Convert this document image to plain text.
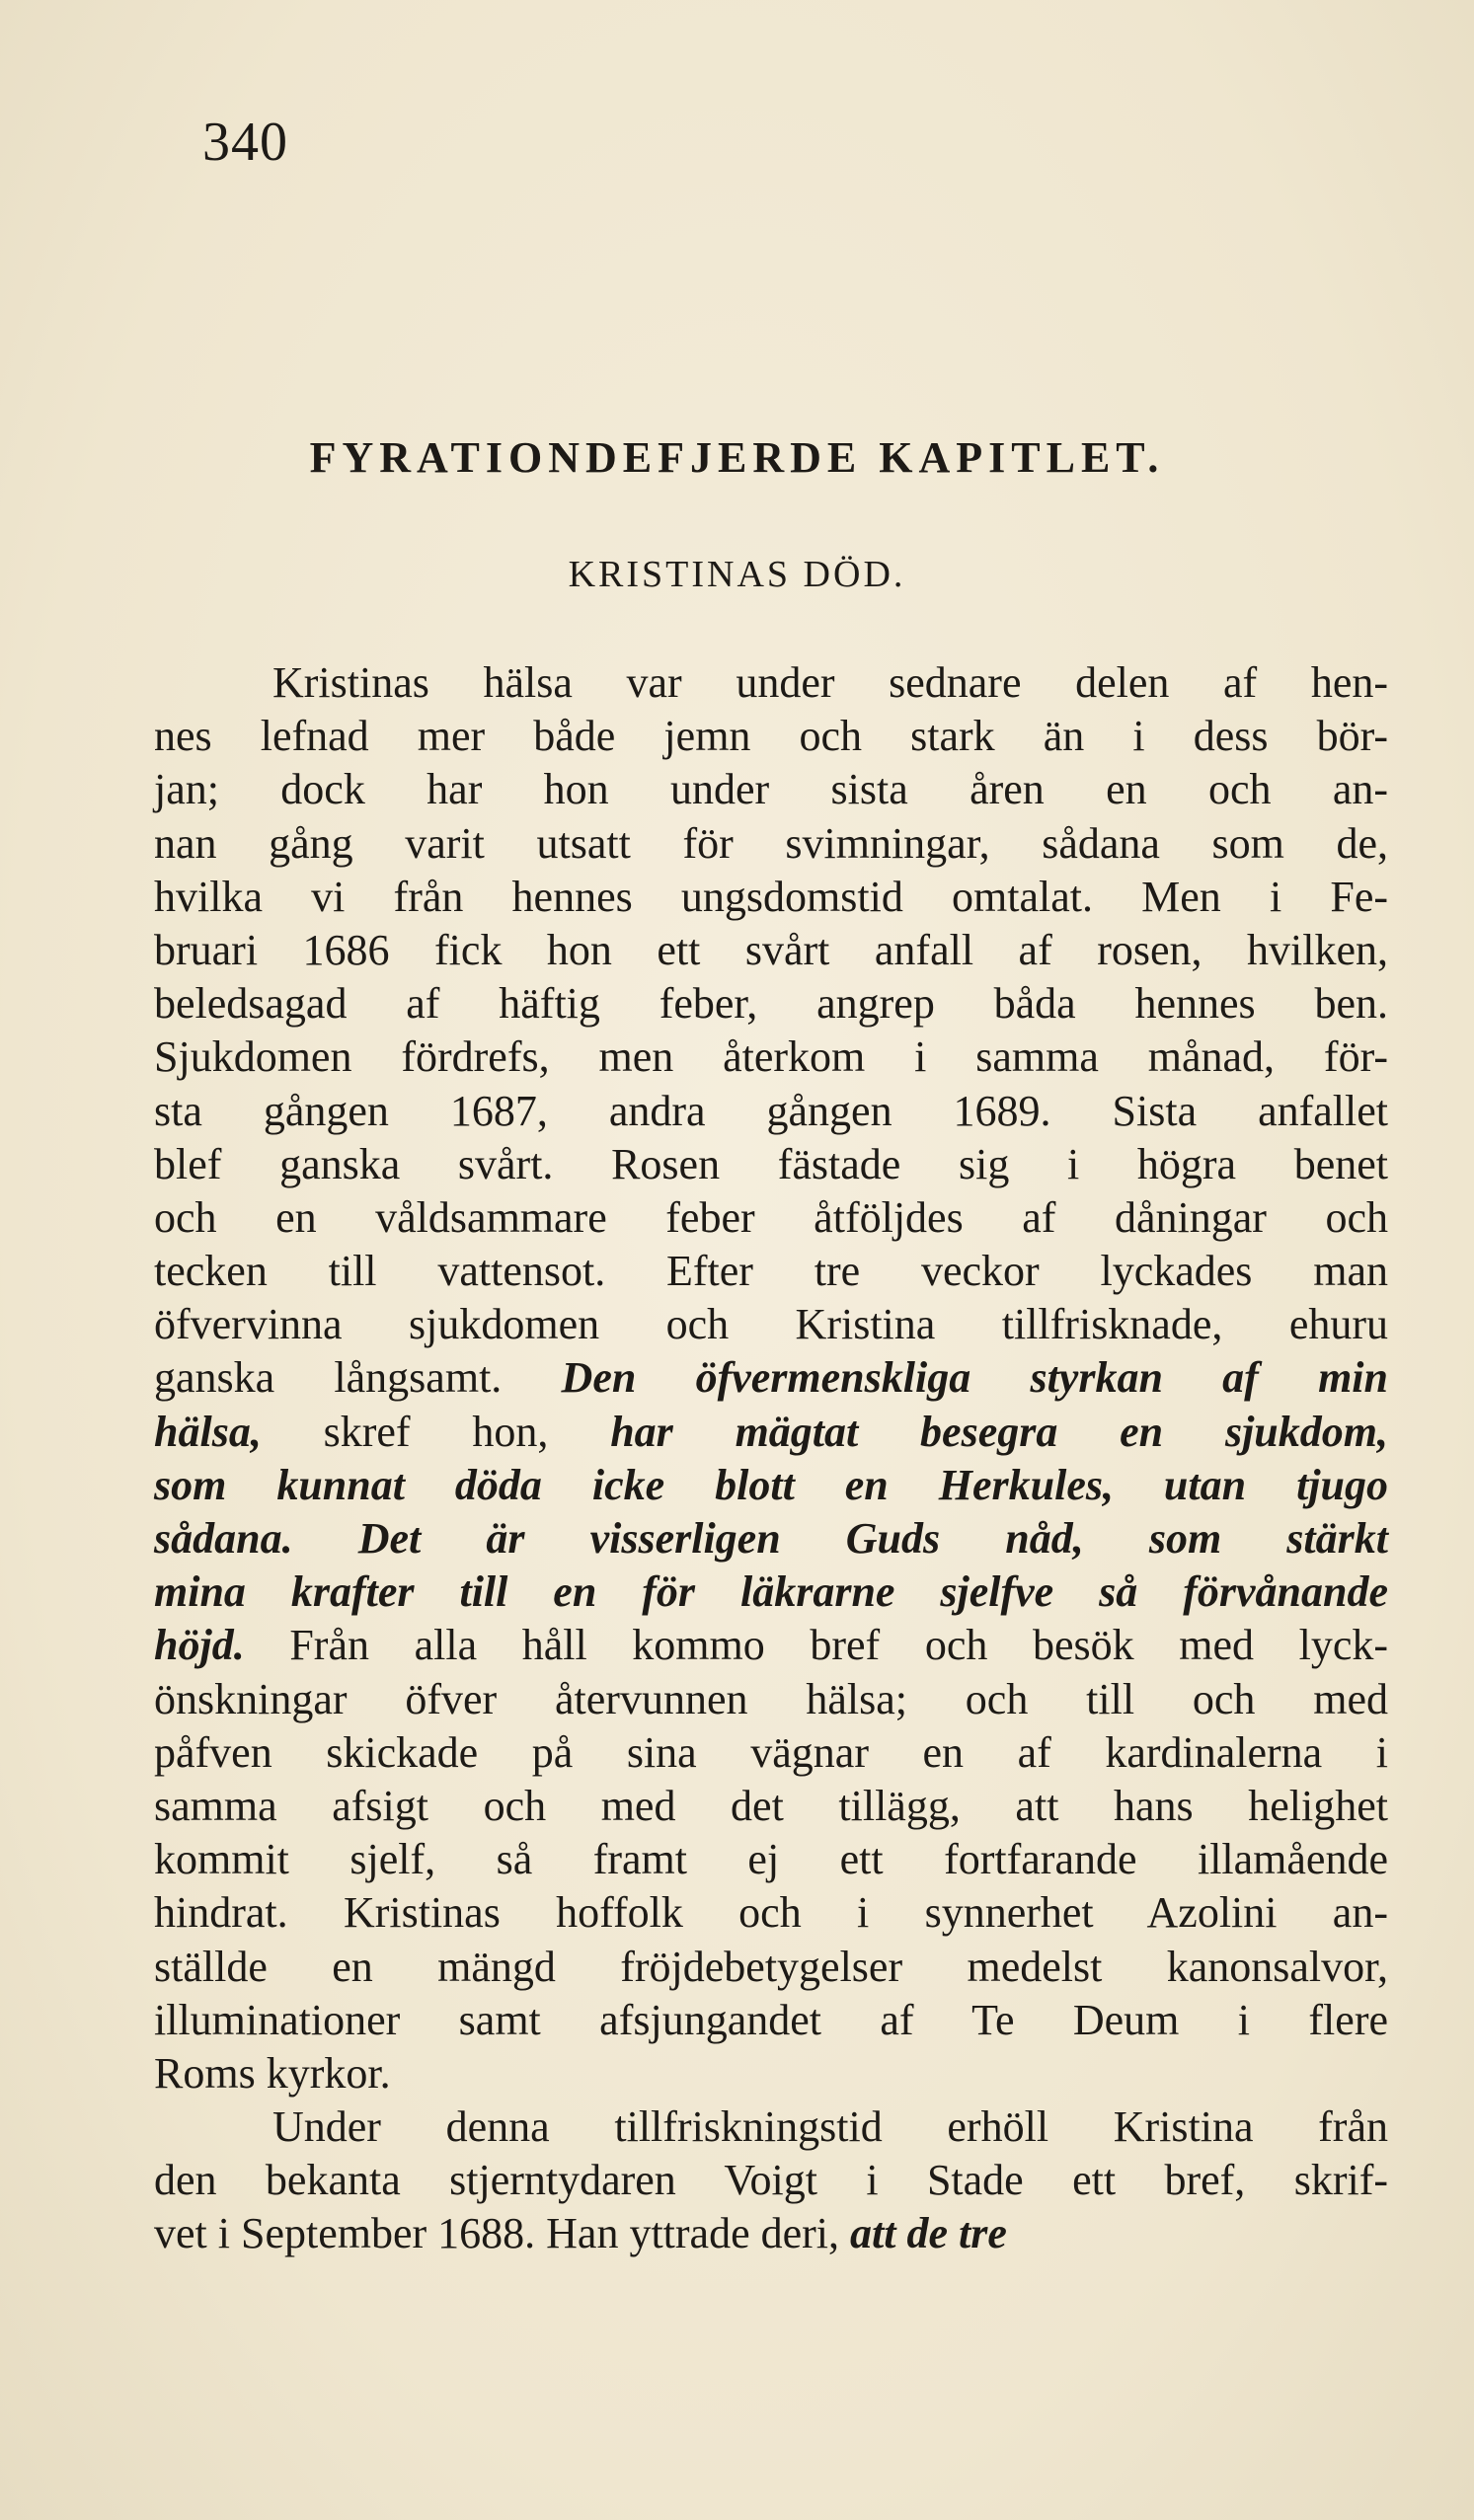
340
FYRATIONDEFJERDE KAPITLET.
KRISTINAS DÖD.
Kristinas hälsa var under sednare delen af hen-
nes lefnad mer både jemn och stark än i dess bör-
jan; dock har hon under sista åren en och an-
nan gång varit utsatt för svimningar, sådana som de,
hvilka vi från hennes ungsdomstid omtalat. Men i Fe-
bruari 1686 fick hon ett svårt anfall af rosen, hvilken,
beledsagad af häftig feber, angrep båda hennes ben.
Sjukdomen fördrefs, men återkom i samma månad, för-
sta gången 1687, andra gången 1689. Sista anfallet
blef ganska svårt. Rosen fästade sig i högra benet
och en våldsammare feber åtföljdes af dåningar och
tecken till vattensot. Efter tre veckor lyckades man
öfvervinna sjukdomen och Kristina tillfrisknade, ehuru
ganska långsamt. Den öfvermenskliga styrkan af min
hälsa, skref hon, har mägtat besegra en sjukdom,
som kunnat döda icke blott en Herkules, utan tjugo
sådana. Det är visserligen Guds nåd, som stärkt
mina krafter till en för läkrarne sjelfve så förvånande
höjd. Från alla håll kommo bref och besök med lyck-
önskningar öfver återvunnen hälsa; och till och med
påfven skickade på sina vägnar en af kardinalerna i
samma afsigt och med det tillägg, att hans helighet
kommit sjelf, så framt ej ett fortfarande illamående
hindrat. Kristinas hoffolk och i synnerhet Azolini an-
ställde en mängd fröjdebetygelser medelst kanonsalvor,
illuminationer samt afsjungandet af Te Deum i flere
Roms kyrkor.
Under denna tillfriskningstid erhöll Kristina från
den bekanta stjerntydaren Voigt i Stade ett bref, skrif-
vet i September 1688. Han yttrade deri, att de tre
